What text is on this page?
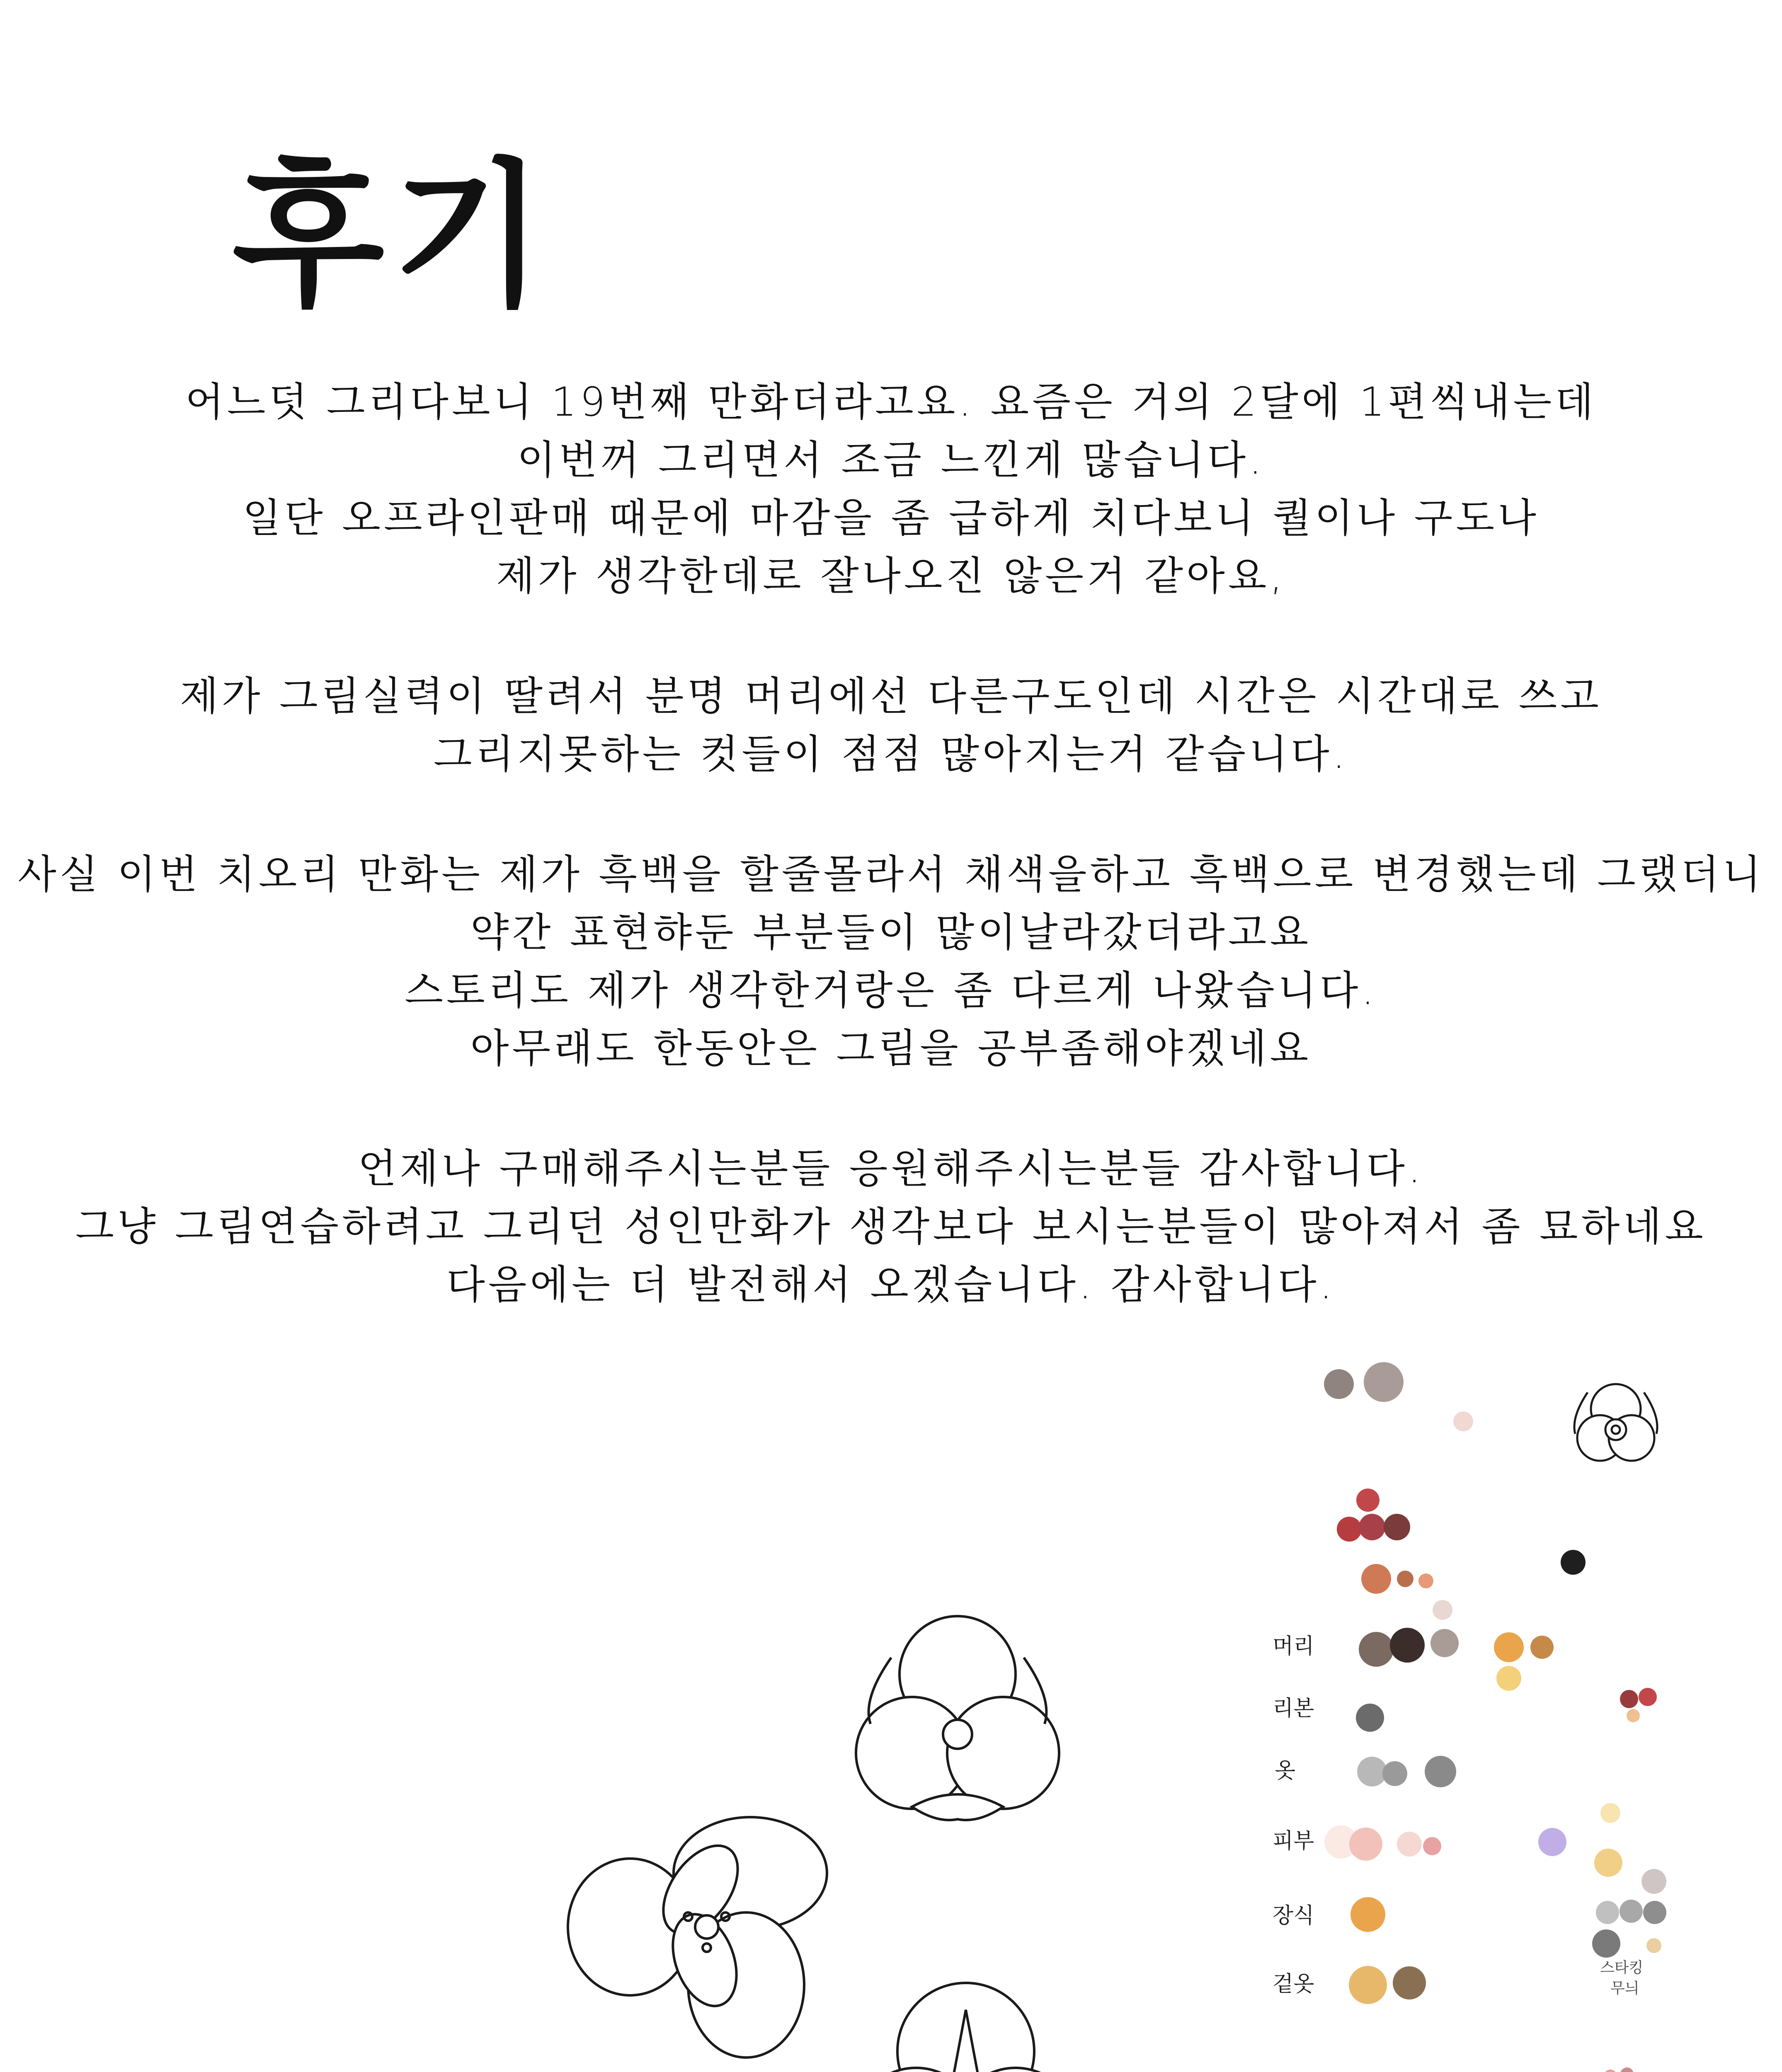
후기

어느덧 그리다보니 19번째 만화더라고요. 요즘은 거의 2달에 1편씩내는데
이번꺼 그리면서 조금 느낀게 많습니다.
일단 오프라인판매 때문에 마감을 좀 급하게 치다보니 퀄이나 구도나
제가 생각한데로 잘나오진 않은거 같아요,

제가 그림실력이 딸려서 분명 머리에선 다른구도인데 시간은 시간대로 쓰고
그리지못하는 컷들이 점점 많아지는거 같습니다.

사실 이번 치오리 만화는 제가 흑백을 할줄몰라서 채색을하고 흑백으로 변경했는데 그랬더니
약간 표현햐둔 부분들이 많이날라갔더라고요
스토리도 제가 생각한거랑은 좀 다르게 나왔습니다.
아무래도 한동안은 그림을 공부좀해야겠네요

언제나 구매해주시는분들 응원해주시는분들 감사합니다.
그냥 그림연습하려고 그리던 성인만화가 생각보다 보시는분들이 많아져서 좀 묘하네요
다음에는 더 발전해서 오겠습니다. 감사합니다.

머리
리본
옷
피부
장식
겉옷
스타킹
무늬
